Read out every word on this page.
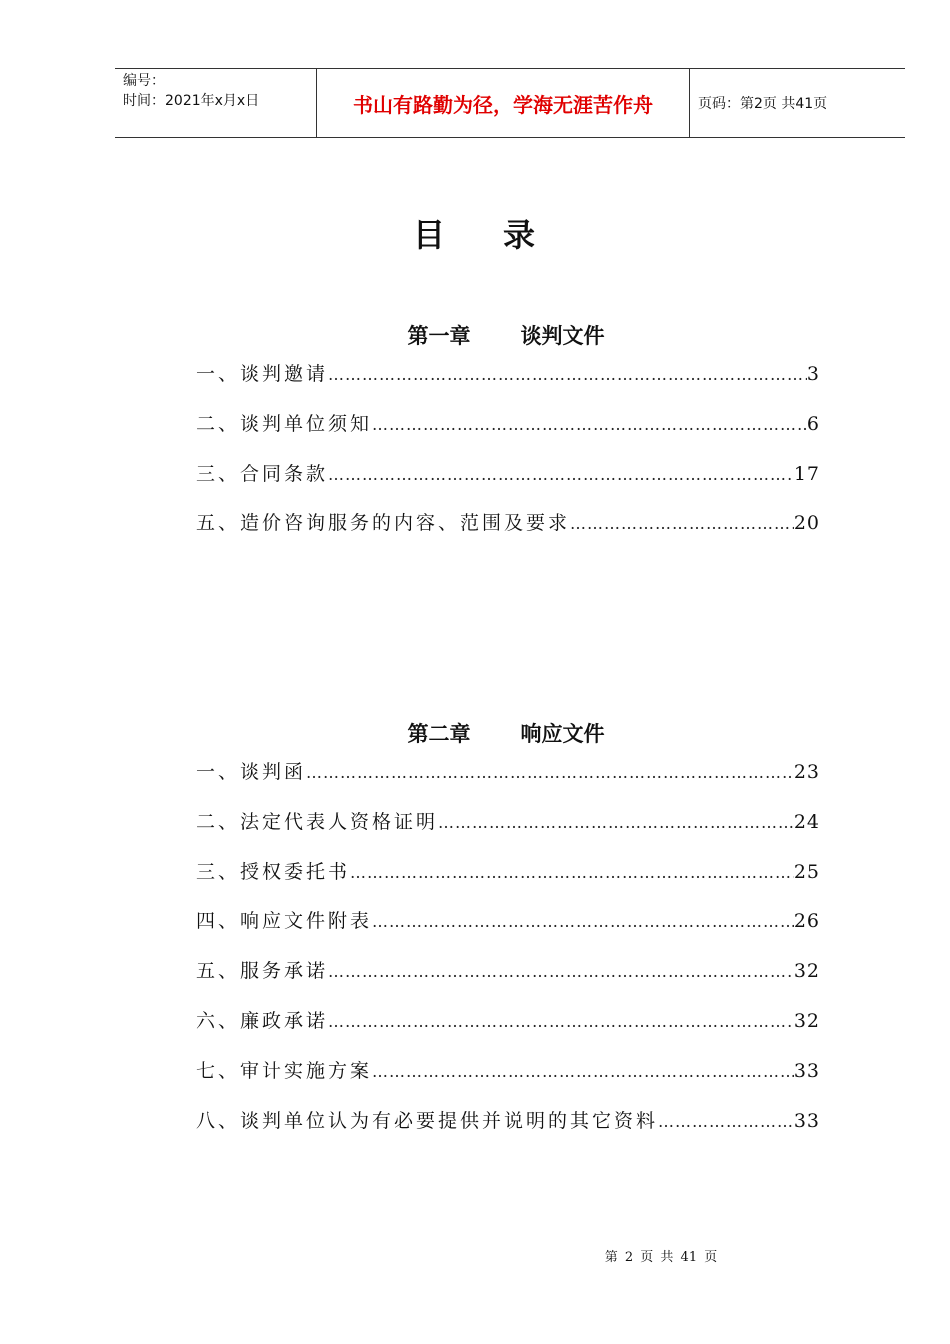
编号：
时间：2021年x月x日	书山有路勤为径，学海无涯苦作舟	页码：第2页 共41页
目 录
第一章 谈判文件
一、谈判邀请 …………………………………………………………………………………………………………………………………………………………	3
二、谈判单位须知 …………………………………………………………………………………………………………………………………………………………	6
三、合同条款 …………………………………………………………………………………………………………………………………………………………	17
五、造价咨询服务的内容、范围及要求 …………………………………………………………………………………………………………………………………………………………	20
第二章 响应文件
一、谈判函 …………………………………………………………………………………………………………………………………………………………	23
二、法定代表人资格证明 …………………………………………………………………………………………………………………………………………………………	24
三、授权委托书 …………………………………………………………………………………………………………………………………………………………	25
四、响应文件附表 …………………………………………………………………………………………………………………………………………………………	26
五、服务承诺 …………………………………………………………………………………………………………………………………………………………	32
六、廉政承诺 …………………………………………………………………………………………………………………………………………………………	32
七、审计实施方案 …………………………………………………………………………………………………………………………………………………………	33
八、谈判单位认为有必要提供并说明的其它资料 …………………………………………………………………………………………………………………………………………………………	33
第 2 页 共 41 页
